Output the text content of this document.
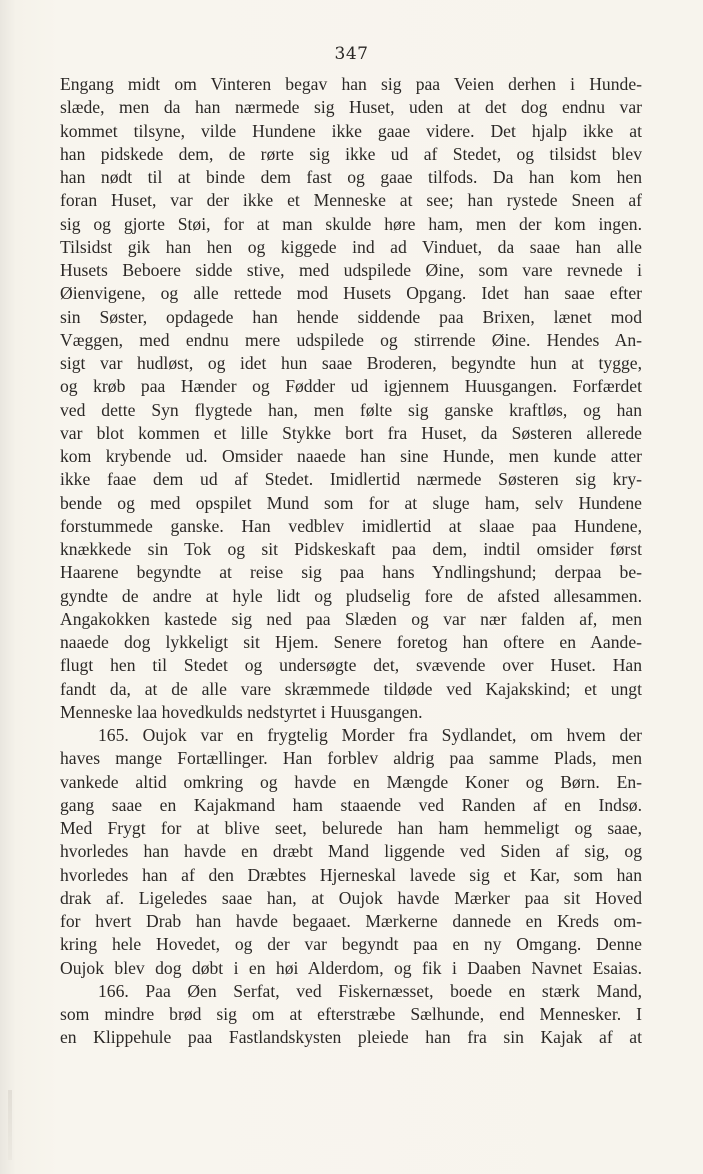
347
Engang midt om Vinteren begav han sig paa Veien derhen i Hunde-
slæde, men da han nærmede sig Huset, uden at det dog endnu var
kommet tilsyne, vilde Hundene ikke gaae videre. Det hjalp ikke at
han pidskede dem, de rørte sig ikke ud af Stedet, og tilsidst blev
han nødt til at binde dem fast og gaae tilfods. Da han kom hen
foran Huset, var der ikke et Menneske at see; han rystede Sneen af
sig og gjorte Støi, for at man skulde høre ham, men der kom ingen.
Tilsidst gik han hen og kiggede ind ad Vinduet, da saae han alle
Husets Beboere sidde stive, med udspilede Øine, som vare revnede i
Øienvigene, og alle rettede mod Husets Opgang. Idet han saae efter
sin Søster, opdagede han hende siddende paa Brixen, lænet mod
Væggen, med endnu mere udspilede og stirrende Øine. Hendes An-
sigt var hudløst, og idet hun saae Broderen, begyndte hun at tygge,
og krøb paa Hænder og Fødder ud igjennem Huusgangen. Forfærdet
ved dette Syn flygtede han, men følte sig ganske kraftløs, og han
var blot kommen et lille Stykke bort fra Huset, da Søsteren allerede
kom krybende ud. Omsider naaede han sine Hunde, men kunde atter
ikke faae dem ud af Stedet. Imidlertid nærmede Søsteren sig kry-
bende og med opspilet Mund som for at sluge ham, selv Hundene
forstummede ganske. Han vedblev imidlertid at slaae paa Hundene,
knækkede sin Tok og sit Pidskeskaft paa dem, indtil omsider først
Haarene begyndte at reise sig paa hans Yndlingshund; derpaa be-
gyndte de andre at hyle lidt og pludselig fore de afsted allesammen.
Angakokken kastede sig ned paa Slæden og var nær falden af, men
naaede dog lykkeligt sit Hjem. Senere foretog han oftere en Aande-
flugt hen til Stedet og undersøgte det, svævende over Huset. Han
fandt da, at de alle vare skræmmede tildøde ved Kajakskind; et ungt
Menneske laa hovedkulds nedstyrtet i Huusgangen.
165. Oujok var en frygtelig Morder fra Sydlandet, om hvem der
haves mange Fortællinger. Han forblev aldrig paa samme Plads, men
vankede altid omkring og havde en Mængde Koner og Børn. En-
gang saae en Kajakmand ham staaende ved Randen af en Indsø.
Med Frygt for at blive seet, belurede han ham hemmeligt og saae,
hvorledes han havde en dræbt Mand liggende ved Siden af sig, og
hvorledes han af den Dræbtes Hjerneskal lavede sig et Kar, som han
drak af. Ligeledes saae han, at Oujok havde Mærker paa sit Hoved
for hvert Drab han havde begaaet. Mærkerne dannede en Kreds om-
kring hele Hovedet, og der var begyndt paa en ny Omgang. Denne
Oujok blev dog døbt i en høi Alderdom, og fik i Daaben Navnet Esaias.
166. Paa Øen Serfat, ved Fiskernæsset, boede en stærk Mand,
som mindre brød sig om at efterstræbe Sælhunde, end Mennesker. I
en Klippehule paa Fastlandskysten pleiede han fra sin Kajak af at
